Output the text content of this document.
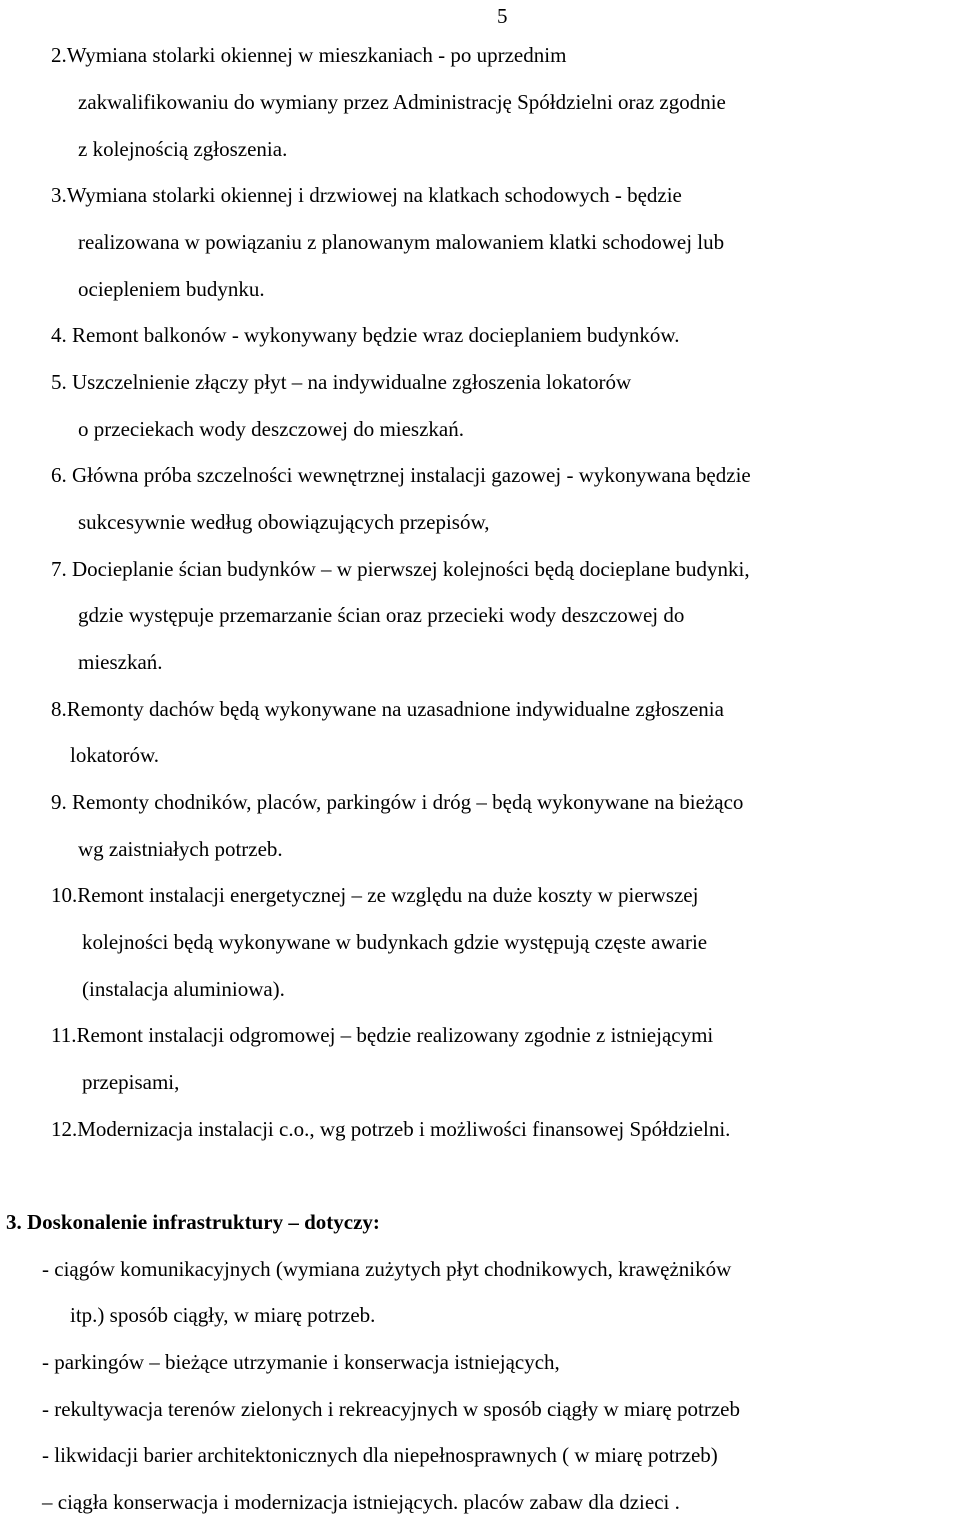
5

2.Wymiana stolarki okiennej w mieszkaniach - po uprzednim

zakwalifikowaniu do wymiany przez Administrację Spółdzielni oraz zgodnie

z kolejnością zgłoszenia.

3.Wymiana stolarki okiennej i drzwiowej na klatkach schodowych - będzie

realizowana w powiązaniu z planowanym malowaniem klatki schodowej lub

ociepleniem budynku.

4. Remont balkonów - wykonywany będzie wraz docieplaniem budynków.

5. Uszczelnienie złączy płyt – na indywidualne zgłoszenia lokatorów

o przeciekach wody deszczowej do mieszkań.

6. Główna próba szczelności wewnętrznej instalacji gazowej - wykonywana będzie

sukcesywnie według obowiązujących przepisów,

7. Docieplanie ścian budynków – w pierwszej kolejności będą docieplane budynki,

gdzie występuje przemarzanie ścian oraz przecieki wody deszczowej do

mieszkań.

8.Remonty dachów będą wykonywane na uzasadnione indywidualne zgłoszenia

lokatorów.

9. Remonty chodników, placów, parkingów i dróg – będą wykonywane na bieżąco

wg zaistniałych potrzeb.

10.Remont instalacji energetycznej – ze względu na duże koszty w pierwszej

kolejności będą wykonywane w budynkach gdzie występują częste awarie

(instalacja aluminiowa).

11.Remont instalacji odgromowej – będzie realizowany zgodnie z istniejącymi

przepisami,

12.Modernizacja instalacji c.o., wg potrzeb i możliwości finansowej Spółdzielni.

3. Doskonalenie infrastruktury – dotyczy:

- ciągów komunikacyjnych (wymiana zużytych płyt chodnikowych, krawężników

itp.) sposób ciągły, w miarę potrzeb.

- parkingów – bieżące utrzymanie i konserwacja istniejących,

- rekultywacja terenów zielonych i rekreacyjnych w sposób ciągły w miarę potrzeb

- likwidacji barier architektonicznych dla niepełnosprawnych ( w miarę potrzeb)

– ciągła konserwacja i modernizacja istniejących. placów zabaw dla dzieci .
